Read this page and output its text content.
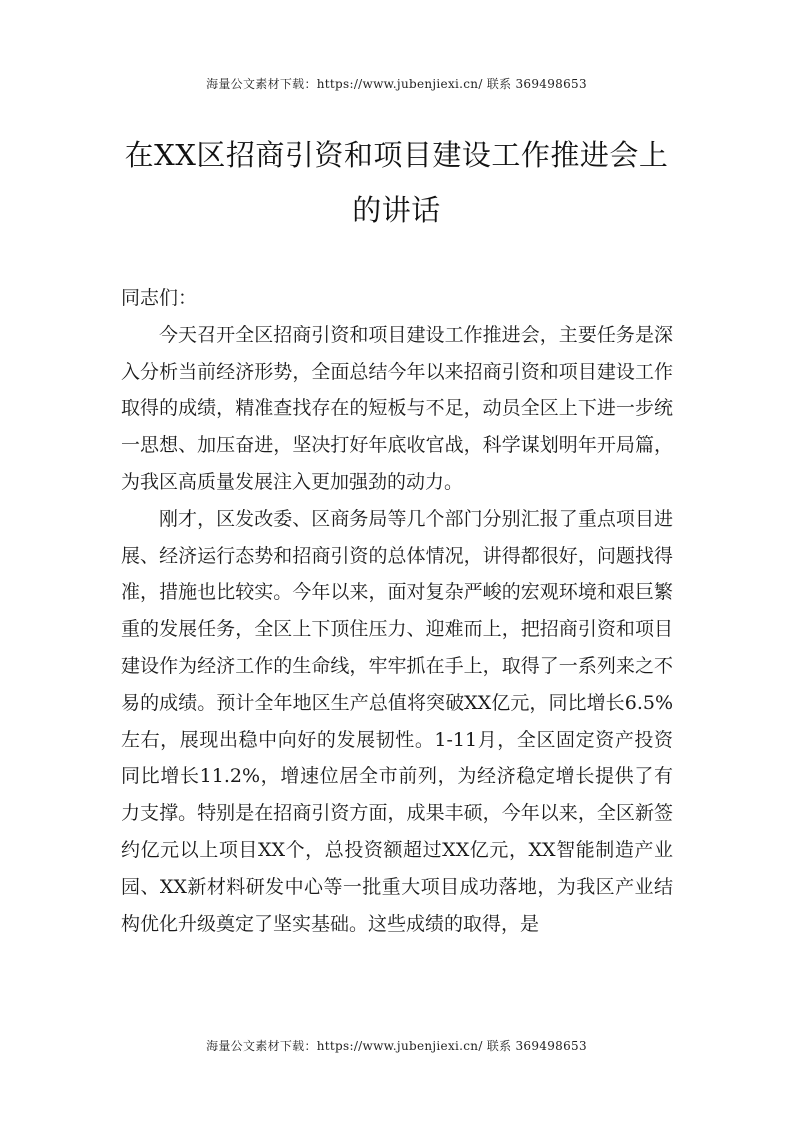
海量公文素材下载：https://www.jubenjiexi.cn/ 联系 369498653
在XX区招商引资和项目建设工作推进会上
的讲话

同志们：

今天召开全区招商引资和项目建设工作推进会，主要任务是深入分析当前经济形势，全面总结今年以来招商引资和项目建设工作取得的成绩，精准查找存在的短板与不足，动员全区上下进一步统一思想、加压奋进，坚决打好年底收官战，科学谋划明年开局篇，为我区高质量发展注入更加强劲的动力。

刚才，区发改委、区商务局等几个部门分别汇报了重点项目进展、经济运行态势和招商引资的总体情况，讲得都很好，问题找得准，措施也比较实。今年以来，面对复杂严峻的宏观环境和艰巨繁重的发展任务，全区上下顶住压力、迎难而上，把招商引资和项目建设作为经济工作的生命线，牢牢抓在手上，取得了一系列来之不易的成绩。预计全年地区生产总值将突破XX亿元，同比增长6.5%左右，展现出稳中向好的发展韧性。1-11月，全区固定资产投资同比增长11.2%，增速位居全市前列，为经济稳定增长提供了有力支撑。特别是在招商引资方面，成果丰硕，今年以来，全区新签约亿元以上项目XX个，总投资额超过XX亿元，XX智能制造产业园、XX新材料研发中心等一批重大项目成功落地，为我区产业结构优化升级奠定了坚实基础。这些成绩的取得，是

海量公文素材下载：https://www.jubenjiexi.cn/ 联系 369498653
